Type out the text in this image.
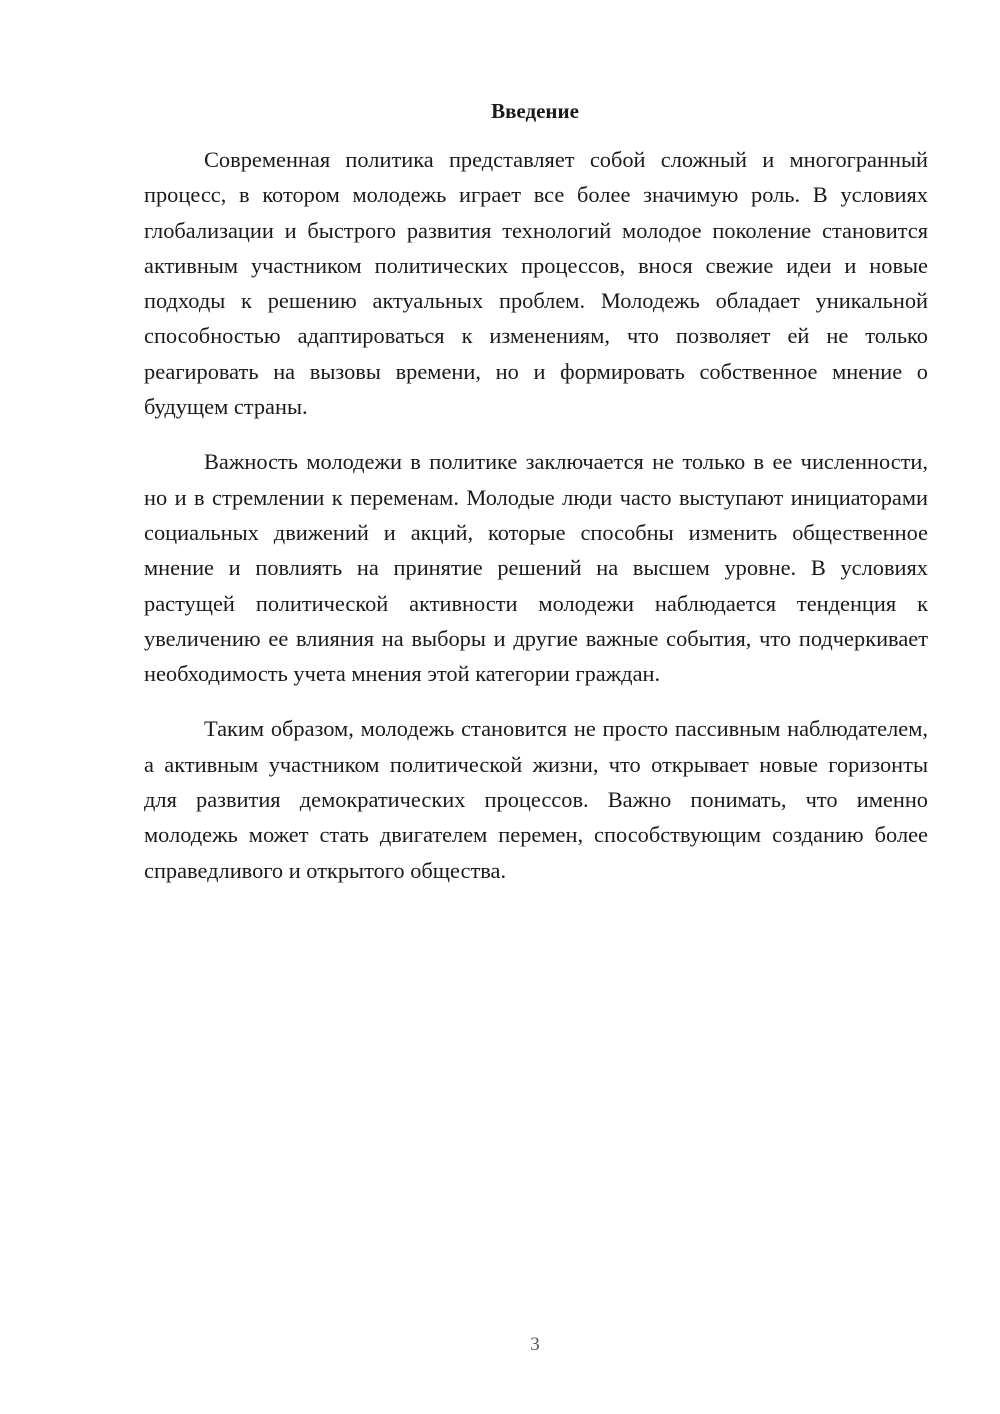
Введение

Современная политика представляет собой сложный и многогранный процесс, в котором молодежь играет все более значимую роль. В условиях глобализации и быстрого развития технологий молодое поколение становится активным участником политических процессов, внося свежие идеи и новые подходы к решению актуальных проблем. Молодежь обладает уникальной способностью адаптироваться к изменениям, что позволяет ей не только реагировать на вызовы времени, но и формировать собственное мнение о будущем страны.

Важность молодежи в политике заключается не только в ее численности, но и в стремлении к переменам. Молодые люди часто выступают инициаторами социальных движений и акций, которые способны изменить общественное мнение и повлиять на принятие решений на высшем уровне. В условиях растущей политической активности молодежи наблюдается тенденция к увеличению ее влияния на выборы и другие важные события, что подчеркивает необходимость учета мнения этой категории граждан.

Таким образом, молодежь становится не просто пассивным наблюдателем, а активным участником политической жизни, что открывает новые горизонты для развития демократических процессов. Важно понимать, что именно молодежь может стать двигателем перемен, способствующим созданию более справедливого и открытого общества.

3
